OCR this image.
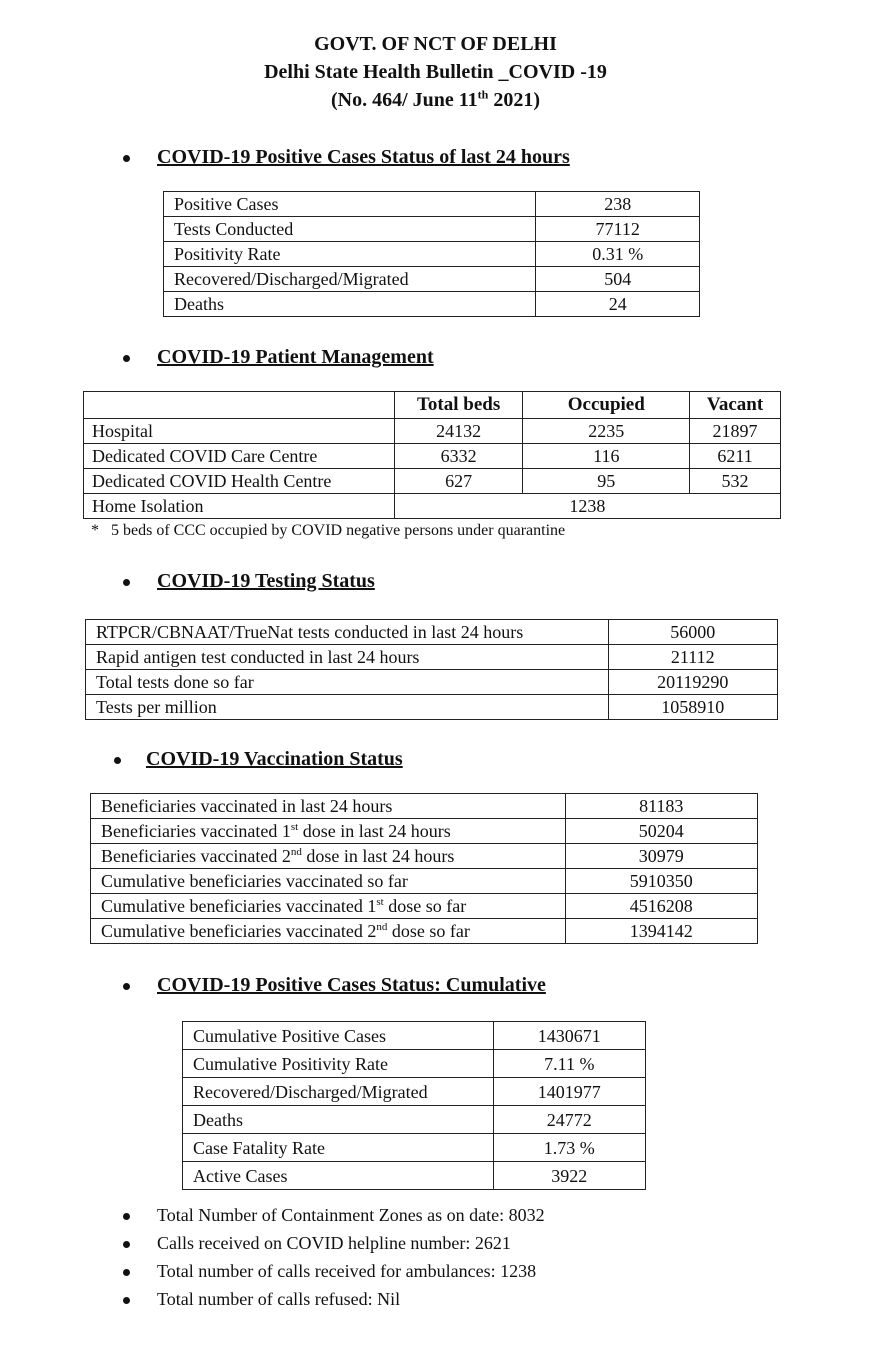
GOVT. OF NCT OF DELHI
Delhi State Health Bulletin _COVID -19
(No. 464/ June 11th 2021)
COVID-19 Positive Cases Status of last 24 hours
Positive Cases	238
Tests Conducted	77112
Positivity Rate	0.31 %
Recovered/Discharged/Migrated	504
Deaths	24
COVID-19 Patient Management
	Total beds	Occupied	Vacant
Hospital	24132	2235	21897
Dedicated COVID Care Centre	6332	116	6211
Dedicated COVID Health Centre	627	95	532
Home Isolation	1238		
* 5 beds of CCC occupied by COVID negative persons under quarantine
COVID-19 Testing Status
RTPCR/CBNAAT/TrueNat tests conducted in last 24 hours	56000
Rapid antigen test conducted in last 24 hours	21112
Total tests done so far	20119290
Tests per million	1058910
COVID-19 Vaccination Status
Beneficiaries vaccinated in last 24 hours	81183
Beneficiaries vaccinated 1st dose in last 24 hours	50204
Beneficiaries vaccinated 2nd dose in last 24 hours	30979
Cumulative beneficiaries vaccinated so far	5910350
Cumulative beneficiaries vaccinated 1st dose so far	4516208
Cumulative beneficiaries vaccinated 2nd dose so far	1394142
COVID-19 Positive Cases Status: Cumulative
Cumulative Positive Cases	1430671
Cumulative Positivity Rate	7.11 %
Recovered/Discharged/Migrated	1401977
Deaths	24772
Case Fatality Rate	1.73 %
Active Cases	3922
Total Number of Containment Zones as on date: 8032
Calls received on COVID helpline number: 2621
Total number of calls received for ambulances: 1238
Total number of calls refused: Nil
